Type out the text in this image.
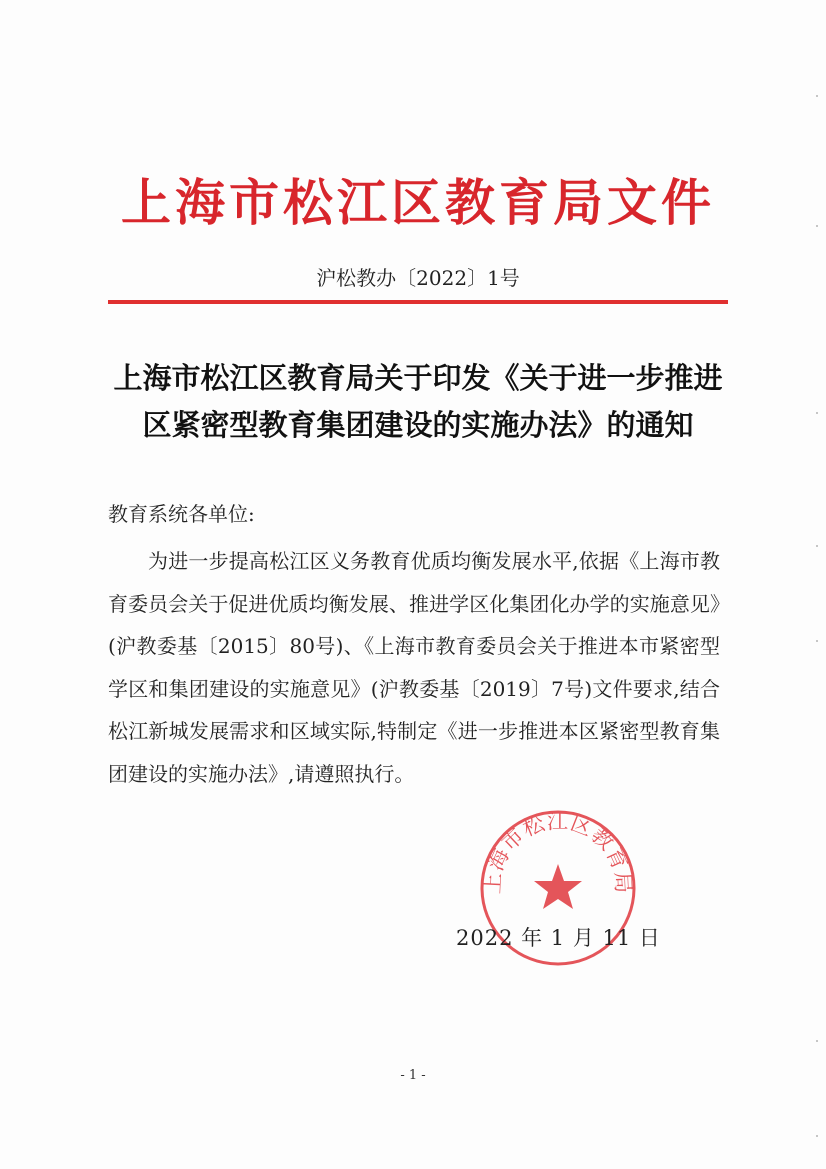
上海市松江区教育局文件
沪松教办〔2022〕1号
上海市松江区教育局关于印发《关于进一步推进
区紧密型教育集团建设的实施办法》的通知
教育系统各单位:
为进一步提高松江区义务教育优质均衡发展水平,依据《上海市教育委员会关于促进优质均衡发展、推进学区化集团化办学的实施意见》(沪教委基〔2015〕80号)、《上海市教育委员会关于推进本市紧密型学区和集团建设的实施意见》(沪教委基〔2019〕7号)文件要求,结合松江新城发展需求和区域实际,特制定《进一步推进本区紧密型教育集团建设的实施办法》,请遵照执行。
上海市松江区教育局
2022 年 1 月 11 日
- 1 -
